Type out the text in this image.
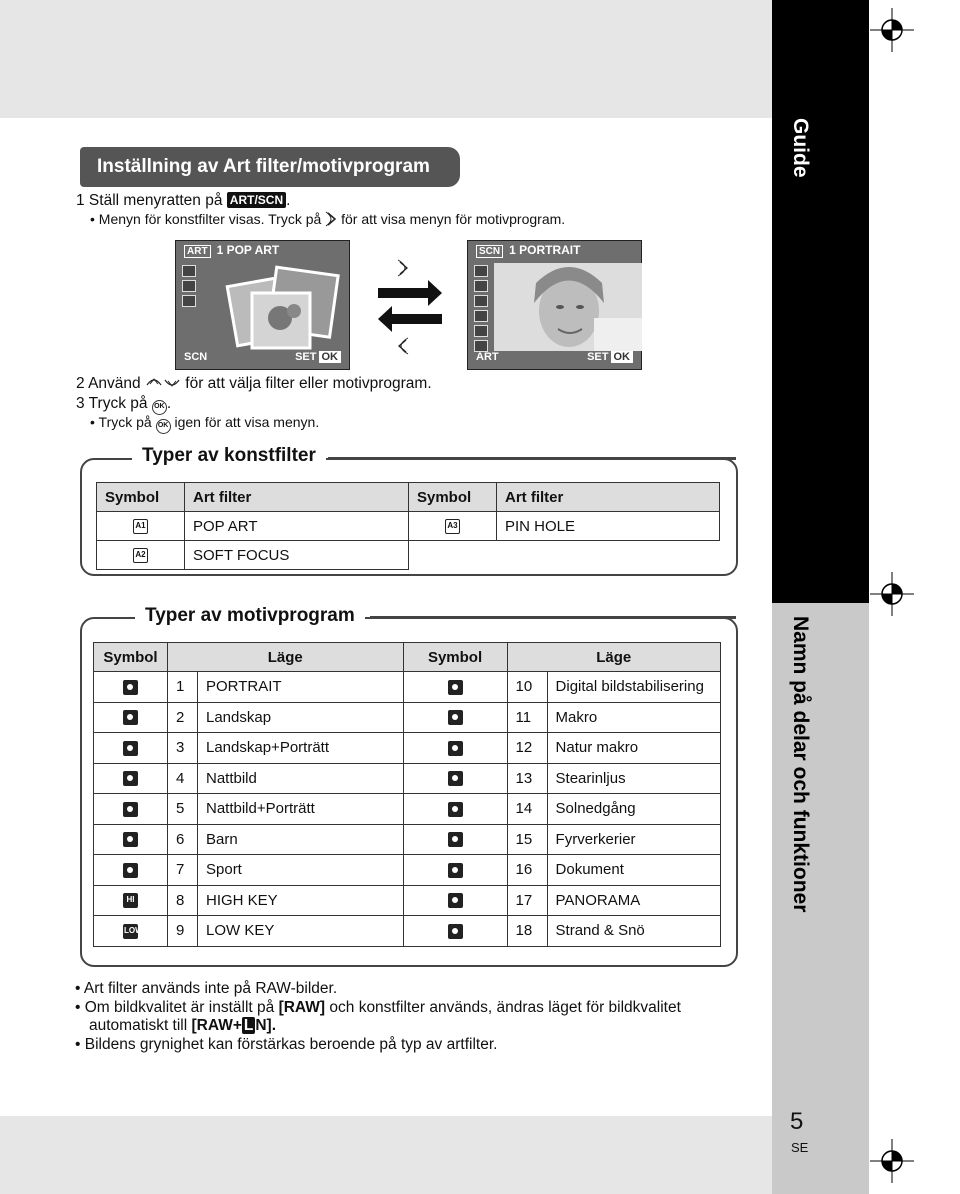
Guide
Namn på delar och funktioner
5
SE
Inställning av Art filter/motivprogram
1 Ställ menyratten på ART/SCN .
• Menyn för konstfilter visas. Tryck på för att visa menyn för motivprogram.
ART 1 POP ART
SCN	SET OK
SCN 1 PORTRAIT
ART	SET OK
2 Använd	för att välja filter eller motivprogram.
3 Tryck på OK .
• Tryck på OK igen för att visa menyn.
Typer av konstfilter
Symbol	Art filter	Symbol	Art filter
A1	POP ART	A3	PIN HOLE
A2	SOFT FOCUS		
Typer av motivprogram
Symbol	Läge		Symbol	Läge	
	1	PORTRAIT		10	Digital bildstabilisering
	2	Landskap		11	Makro
	3	Landskap+Porträtt		12	Natur makro
	4	Nattbild		13	Stearinljus
	5	Nattbild+Porträtt		14	Solnedgång
	6	Barn		15	Fyrverkerier
	7	Sport		16	Dokument
HI	8	HIGH KEY		17	PANORAMA
LOW	9	LOW KEY		18	Strand & Snö
• Art filter används inte på RAW-bilder.
• Om bildkvalitet är inställt på [RAW] och konstfilter används, ändras läget för bildkvalitet
automatiskt till [RAW+ L N].
• Bildens grynighet kan förstärkas beroende på typ av artfilter.
